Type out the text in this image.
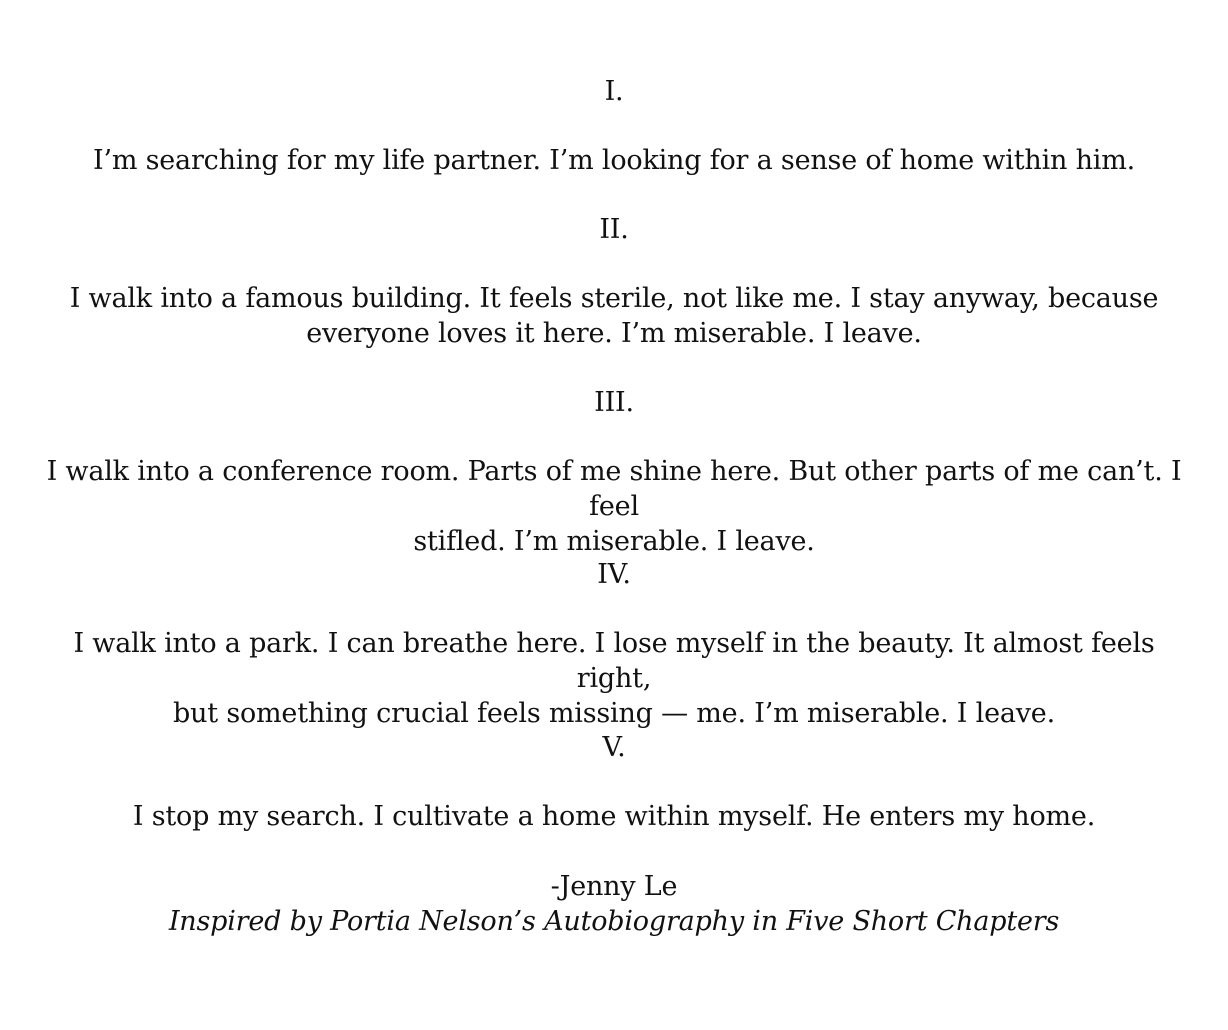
I.
I’m searching for my life partner. I’m looking for a sense of home within him.
II.
I walk into a famous building. It feels sterile, not like me. I stay anyway, because
everyone loves it here. I’m miserable. I leave.
III.
I walk into a conference room. Parts of me shine here. But other parts of me can’t. I feel
stifled. I’m miserable. I leave.
IV.
I walk into a park. I can breathe here. I lose myself in the beauty. It almost feels right,
but something crucial feels missing — me. I’m miserable. I leave.
V.
I stop my search. I cultivate a home within myself. He enters my home.
-Jenny Le
Inspired by Portia Nelson’s Autobiography in Five Short Chapters
